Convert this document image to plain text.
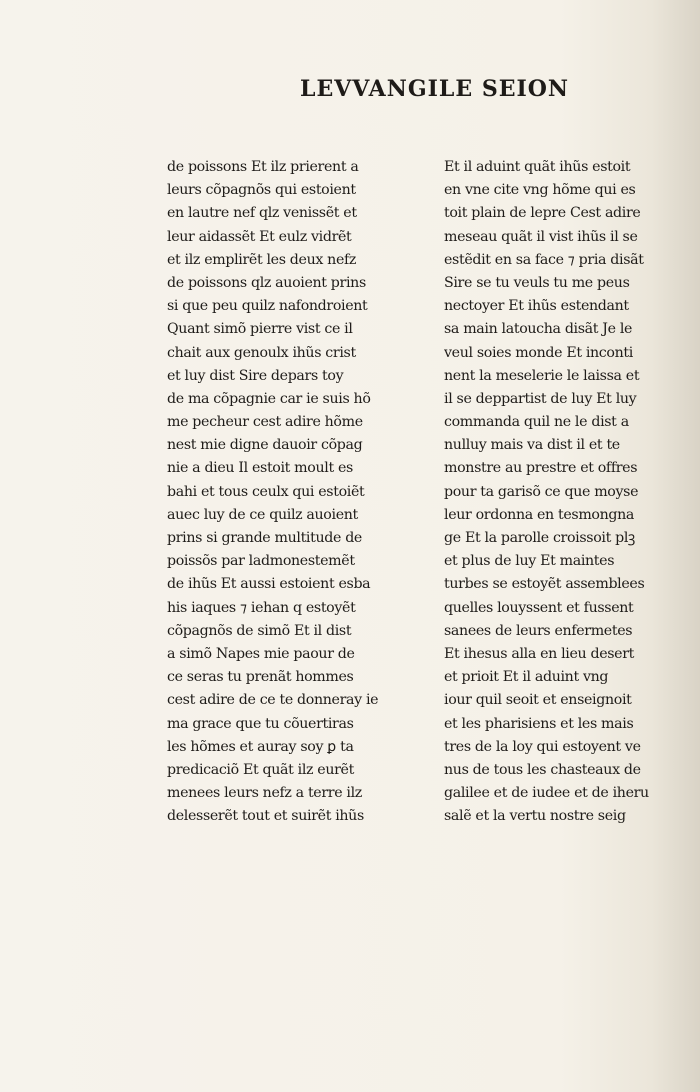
LEVVANGILE SEION
de poissons Et ilz prierent a
leurs cõpagnõs qui estoient
en lautre nef qlz venissẽt et
leur aidassẽt Et eulz vidrẽt
et ilz emplirẽt les deux nefz
de poissons qlz auoient prins
si que peu quilz nafondroient
Quant simõ pierre vist ce il
chait aux genoulx ihũs crist
et luy dist Sire depars toy
de ma cõpagnie car ie suis hõ
me pecheur cest adire hõme
nest mie digne dauoir cõpag
nie a dieu Il estoit moult es
bahi et tous ceulx qui estoiẽt
auec luy de ce quilz auoient
prins si grande multitude de
poissõs par ladmonestemẽt
de ihũs Et aussi estoient esba
his iaques ⁊ iehan q estoyẽt
cõpagnõs de simõ Et il dist
a simõ Napes mie paour de
ce seras tu prenãt hommes
cest adire de ce te donneray ie
ma grace que tu cõuertiras
les hõmes et auray soy ꝑ ta
predicaciõ Et quãt ilz eurẽt
menees leurs nefz a terre ilz
delesserẽt tout et suirẽt ihũs
Et il aduint quãt ihũs estoit
en vne cite vng hõme qui es
toit plain de lepre Cest adire
meseau quãt il vist ihũs il se
estẽdit en sa face ⁊ pria disãt
Sire se tu veuls tu me peus
nectoyer Et ihũs estendant
sa main latoucha disãt Je le
veul soies monde Et inconti
nent la meselerie le laissa et
il se deppartist de luy Et luy
commanda quil ne le dist a
nulluy mais va dist il et te
monstre au prestre et offres
pour ta garisõ ce que moyse
leur ordonna en tesmongna
ge Et la parolle croissoit plꝫ
et plus de luy Et maintes
turbes se estoyẽt assemblees
quelles louyssent et fussent
sanees de leurs enfermetes
Et ihesus alla en lieu desert
et prioit Et il aduint vng
iour quil seoit et enseignoit
et les pharisiens et les mais
tres de la loy qui estoyent ve
nus de tous les chasteaux de
galilee et de iudee et de iheru
salẽ et la vertu nostre seig
